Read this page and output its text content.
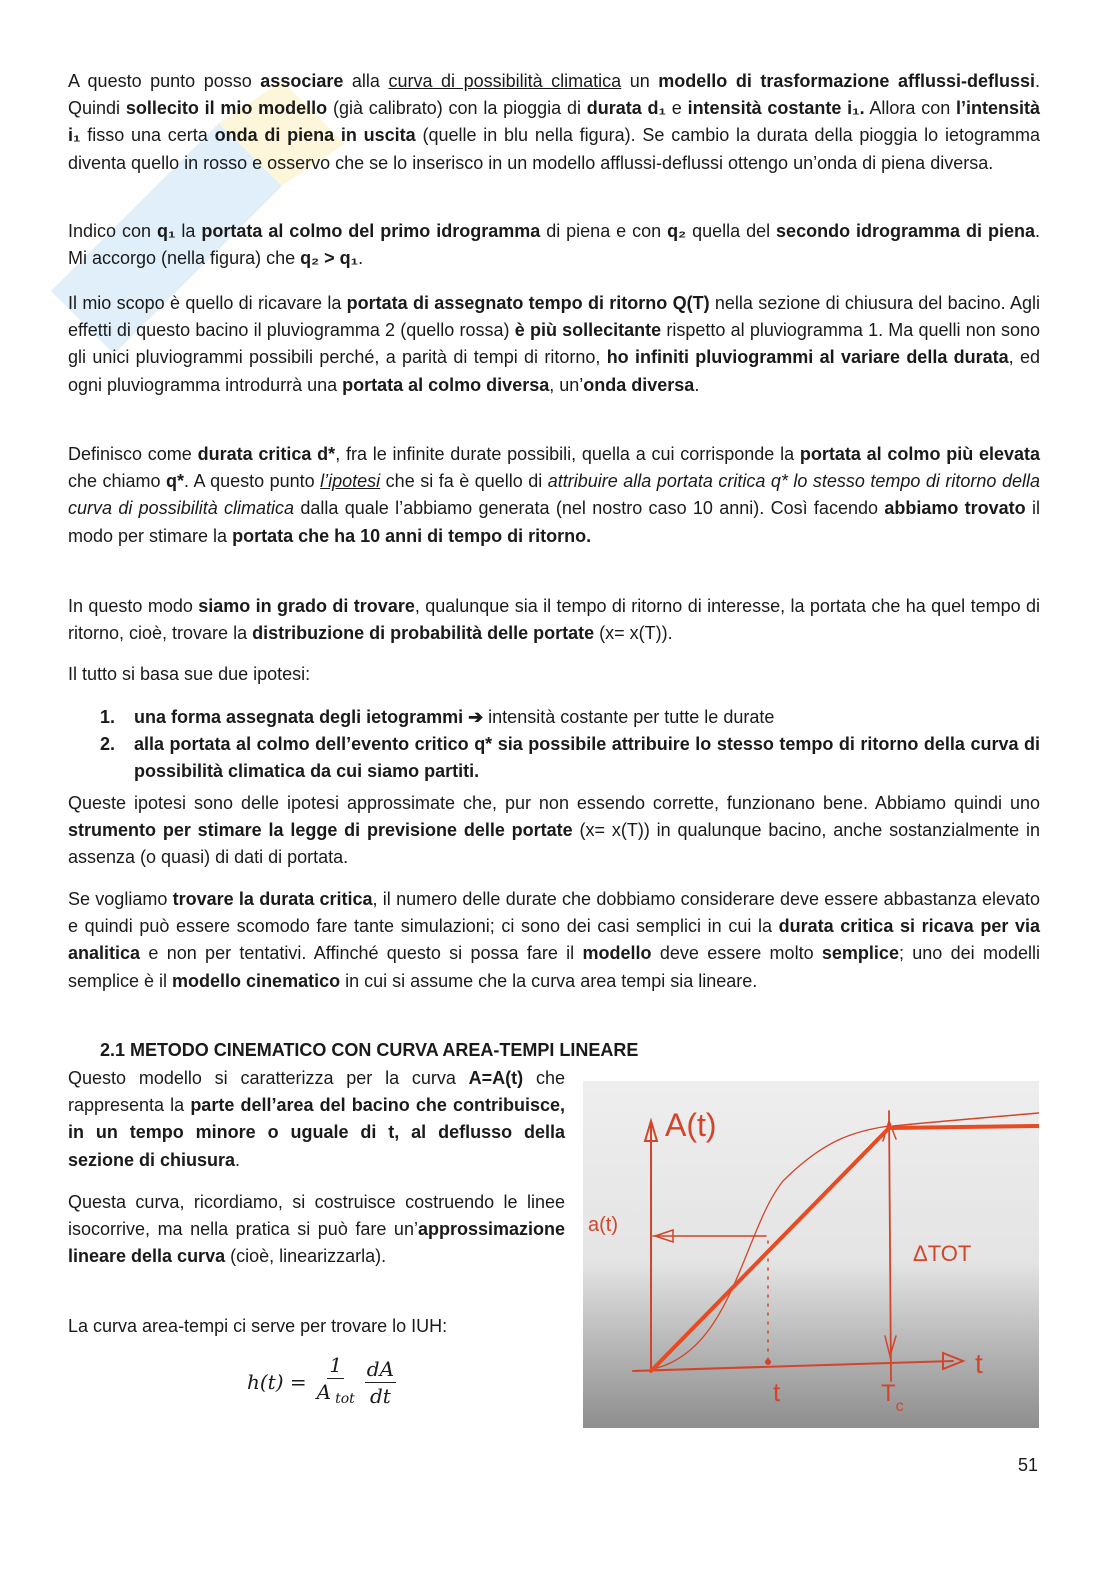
A questo punto posso associare alla curva di possibilità climatica un modello di trasformazione afflussi-deflussi. Quindi sollecito il mio modello (già calibrato) con la pioggia di durata d₁ e intensità costante i₁. Allora con l’intensità i₁ fisso una certa onda di piena in uscita (quelle in blu nella figura). Se cambio la durata della pioggia lo ietogramma diventa quello in rosso e osservo che se lo inserisco in un modello afflussi-deflussi ottengo un’onda di piena diversa.

Indico con q₁ la portata al colmo del primo idrogramma di piena e con q₂ quella del secondo idrogramma di piena. Mi accorgo (nella figura) che q₂ > q₁.

Il mio scopo è quello di ricavare la portata di assegnato tempo di ritorno Q(T) nella sezione di chiusura del bacino. Agli effetti di questo bacino il pluviogramma 2 (quello rossa) è più sollecitante rispetto al pluviogramma 1. Ma quelli non sono gli unici pluviogrammi possibili perché, a parità di tempi di ritorno, ho infiniti pluviogrammi al variare della durata, ed ogni pluviogramma introdurrà una portata al colmo diversa, un’onda diversa.

Definisco come durata critica d*, fra le infinite durate possibili, quella a cui corrisponde la portata al colmo più elevata che chiamo q*. A questo punto l’ipotesi che si fa è quello di attribuire alla portata critica q* lo stesso tempo di ritorno della curva di possibilità climatica dalla quale l’abbiamo generata (nel nostro caso 10 anni). Così facendo abbiamo trovato il modo per stimare la portata che ha 10 anni di tempo di ritorno.

In questo modo siamo in grado di trovare, qualunque sia il tempo di ritorno di interesse, la portata che ha quel tempo di ritorno, cioè, trovare la distribuzione di probabilità delle portate (x= x(T)).

Il tutto si basa sue due ipotesi:

1. una forma assegnata degli ietogrammi ➔ intensità costante per tutte le durate
2. alla portata al colmo dell’evento critico q* sia possibile attribuire lo stesso tempo di ritorno della curva di possibilità climatica da cui siamo partiti.

Queste ipotesi sono delle ipotesi approssimate che, pur non essendo corrette, funzionano bene. Abbiamo quindi uno strumento per stimare la legge di previsione delle portate (x= x(T)) in qualunque bacino, anche sostanzialmente in assenza (o quasi) di dati di portata.

Se vogliamo trovare la durata critica, il numero delle durate che dobbiamo considerare deve essere abbastanza elevato e quindi può essere scomodo fare tante simulazioni; ci sono dei casi semplici in cui la durata critica si ricava per via analitica e non per tentativi. Affinché questo si possa fare il modello deve essere molto semplice; uno dei modelli semplice è il modello cinematico in cui si assume che la curva area tempi sia lineare.

2.1 METODO CINEMATICO CON CURVA AREA-TEMPI LINEARE

Questo modello si caratterizza per la curva A=A(t) che rappresenta la parte dell’area del bacino che contribuisce, in un tempo minore o uguale di t, al deflusso della sezione di chiusura.

Questa curva, ricordiamo, si costruisce costruendo le linee isocorrive, ma nella pratica si può fare un’approssimazione lineare della curva (cioè, linearizzarla).

La curva area-tempi ci serve per trovare lo IUH:

$h(t) = \frac{1}{A _{tot}} \frac{dA}{dt}$
A(t)
a(t)
ΔTOT
t
t	$T_c$
51
